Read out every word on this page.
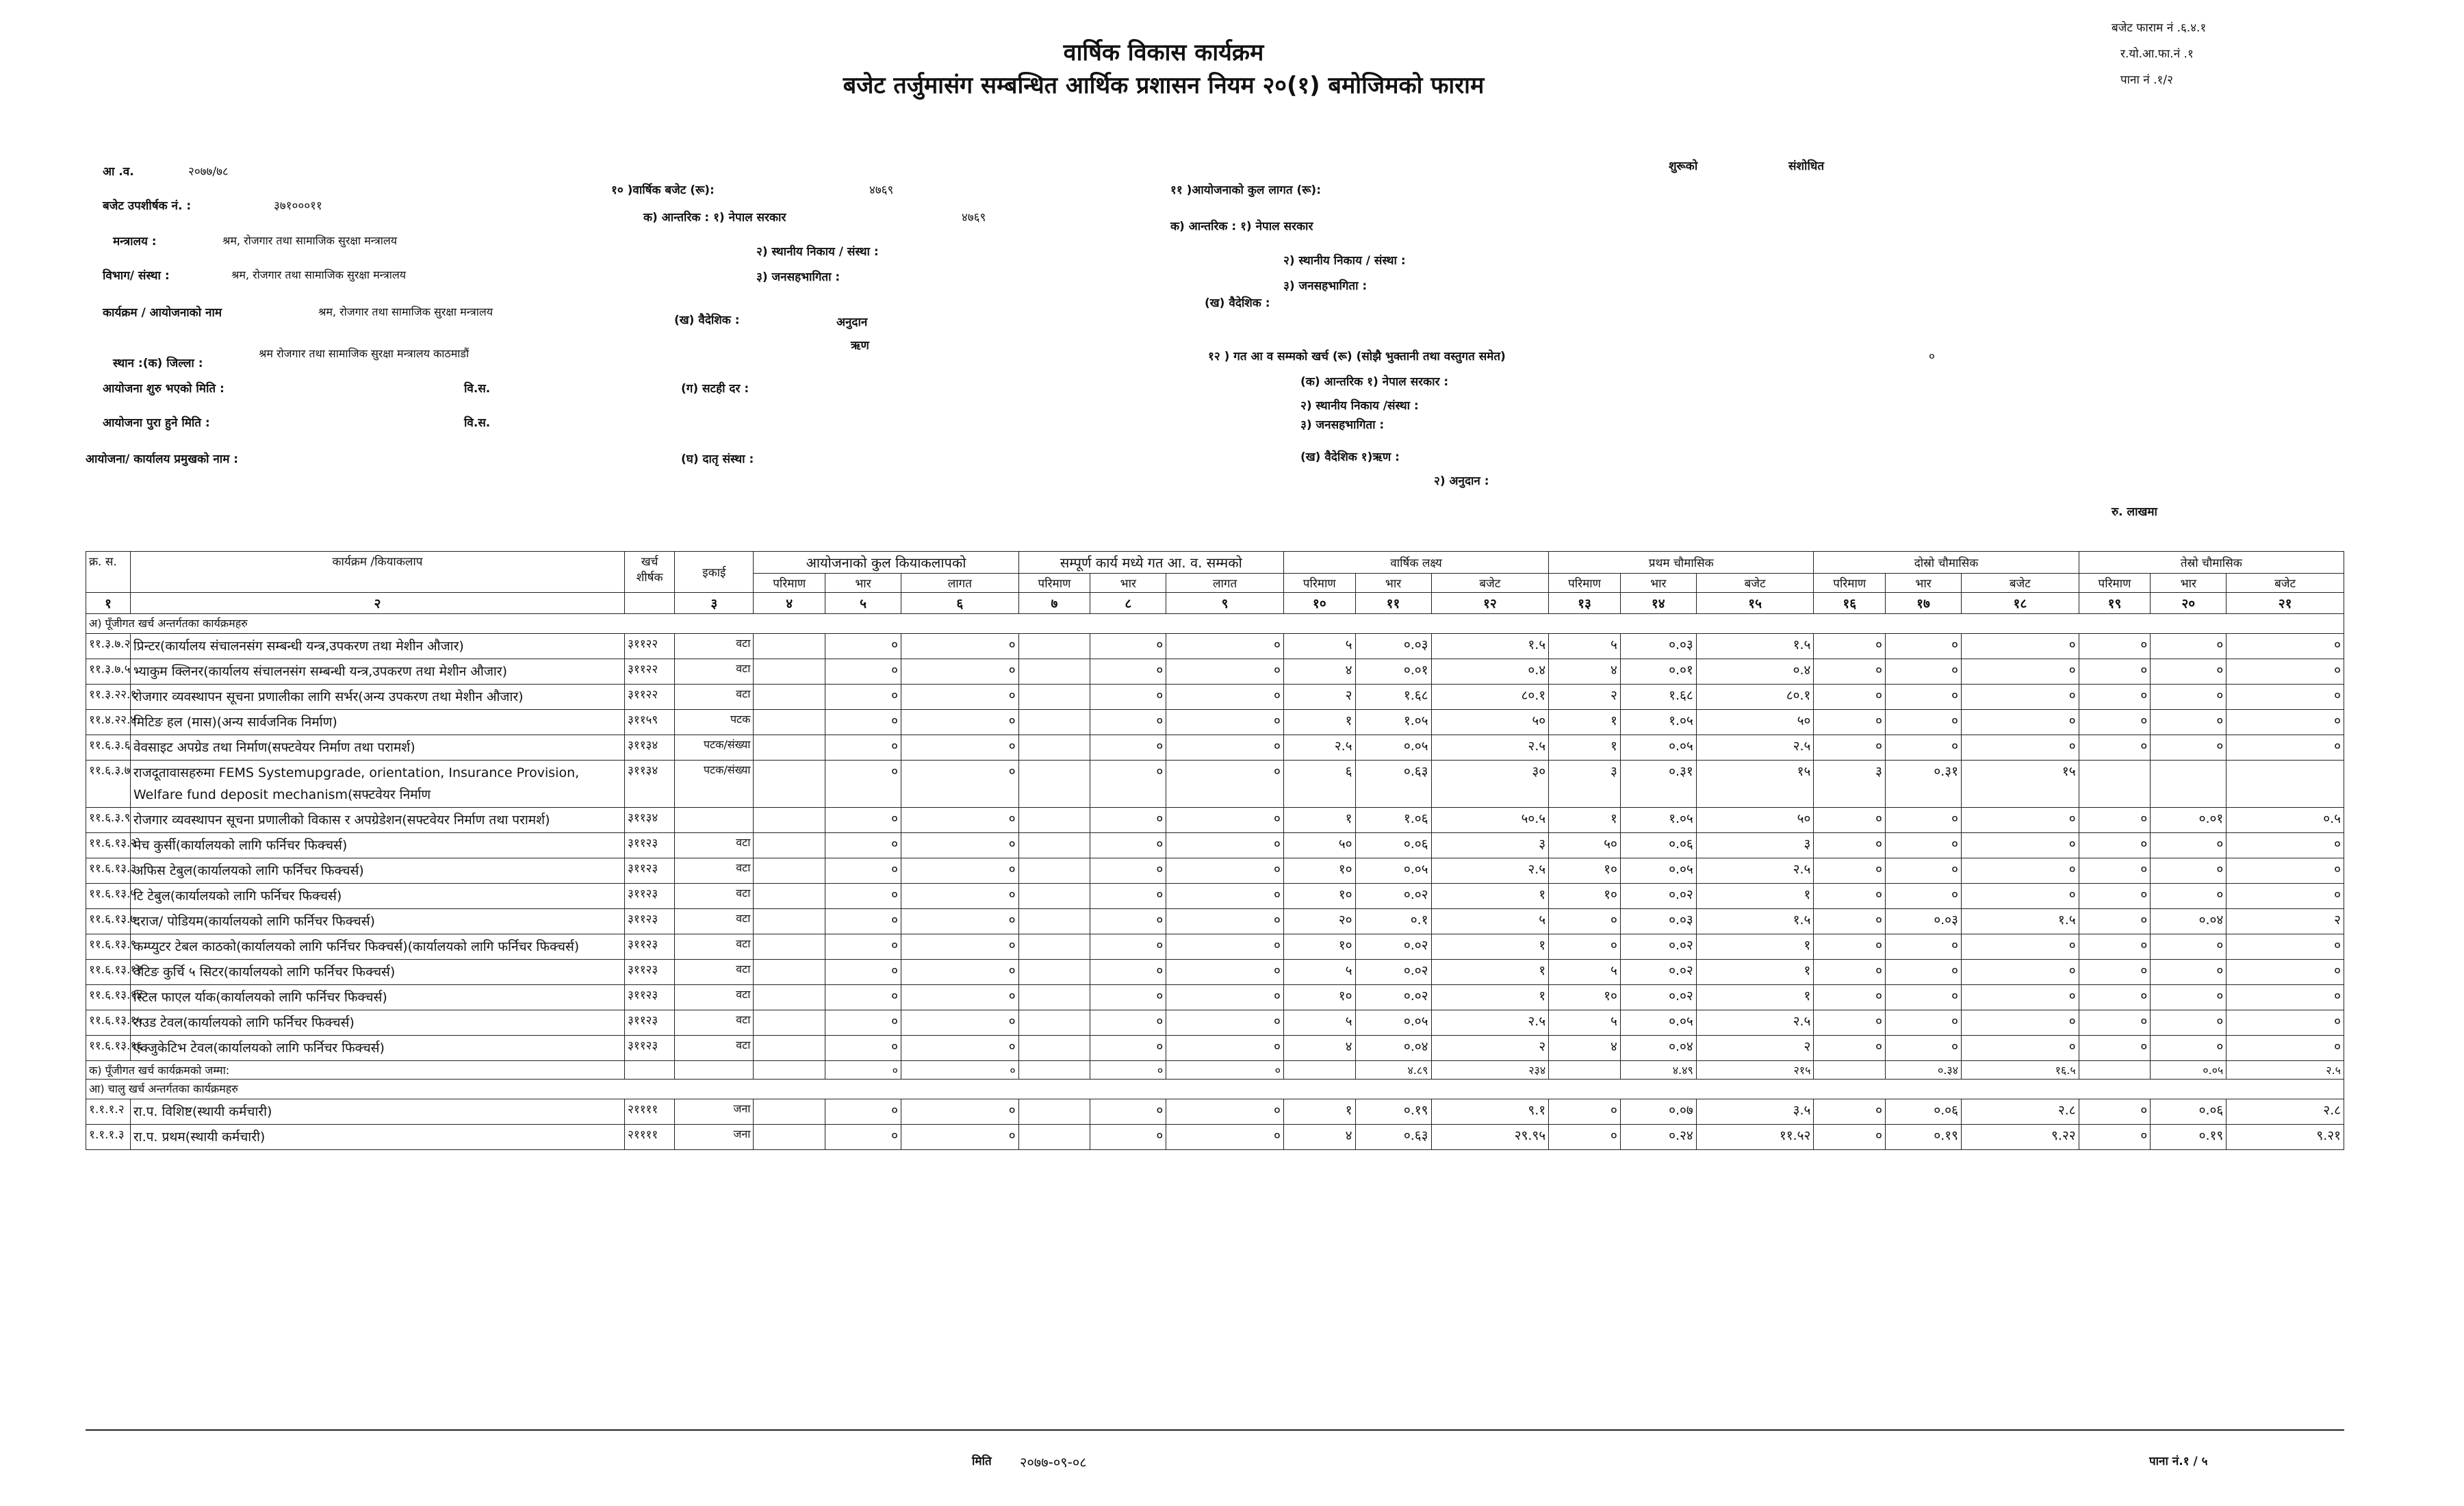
वार्षिक विकास कार्यक्रम
बजेट तर्जुमासंग सम्बन्धित आर्थिक प्रशासन नियम २०(१) बमोजिमको फाराम
बजेट फाराम नं .६.४.१
र.यो.आ.फा.नं .१
पाना नं .१/२
आ .व.	२०७७/७८
बजेट उपशीर्षक नं. :	३७१०००११
मन्त्रालय :	श्रम, रोजगार तथा सामाजिक सुरक्षा मन्त्रालय
विभाग/ संस्था :	श्रम, रोजगार तथा सामाजिक सुरक्षा मन्त्रालय
कार्यक्रम / आयोजनाको नाम	श्रम, रोजगार तथा सामाजिक सुरक्षा मन्त्रालय
स्थान :(क) जिल्ला :
श्रम रोजगार तथा सामाजिक सुरक्षा मन्त्रालय काठमाडौं
आयोजना शुरु भएको मिति :	वि.स.
आयोजना पुरा हुने मिति :	वि.स.
आयोजना/ कार्यालय प्रमुखको नाम :
१० )वार्षिक बजेट (रू):	४७६९
क) आन्तरिक : १) नेपाल सरकार	४७६९
२) स्थानीय निकाय / संस्था :
३) जनसहभागिता :
(ख) वैदेशिक :	अनुदान
ऋण
(ग) सटही दर :
(घ) दातृ संस्था :
११ )आयोजनाको कुल लागत (रू):
क) आन्तरिक : १) नेपाल सरकार
२) स्थानीय निकाय / संस्था :
३) जनसहभागिता :
(ख) वैदेशिक :
शुरूको	संशोधित
१२ ) गत आ व सम्मको खर्च (रू) (सोझै भुक्तानी तथा वस्तुगत समेत)	०
(क) आन्तरिक १) नेपाल सरकार :
२) स्थानीय निकाय /संस्था :
३) जनसहभागिता :
(ख) वैदेशिक १)ऋण :
२) अनुदान :
रु. लाखमा
क्र. स.	कार्यक्रम /कियाकलाप	खर्च शीर्षक	इकाई	आयोजनाको कुल कियाकलापको			सम्पूर्ण कार्य मध्ये गत आ. व. सम्मको			वार्षिक लक्ष्य			प्रथम चौमासिक			दोस्रो चौमासिक			तेस्रो चौमासिक	
				परिमाण	भार	लागत	परिमाण	भार	लागत	परिमाण	भार	बजेट	परिमाण	भार	बजेट	परिमाण	भार	बजेट	परिमाण	भार	बजेट	
१	२		३	४	५	६	७	८	९	१०	११	१२	१३	१४	१५	१६	१७	१८	१९	२०	२१	
अ) पूँजीगत खर्च अन्तर्गतका कार्यक्रमहरु																						
११.३.७.२	प्रिन्टर(कार्यालय संचालनसंग सम्बन्धी यन्त्र,उपकरण तथा मेशीन औजार)	३११२२	वटा		०	०		०	०	५	०.०३	१.५	५	०.०३	१.५	०	०	०	०	०	०	
११.३.७.५	भ्याकुम क्लिनर(कार्यालय संचालनसंग सम्बन्धी यन्त्र,उपकरण तथा मेशीन औजार)	३११२२	वटा		०	०		०	०	४	०.०१	०.४	४	०.०१	०.४	०	०	०	०	०	०	
११.३.२२.१	रोजगार व्यवस्थापन सूचना प्रणालीका लागि सर्भर(अन्य उपकरण तथा मेशीन औजार)	३११२२	वटा		०	०		०	०	२	१.६८	८०.१	२	१.६८	८०.१	०	०	०	०	०	०	
११.४.२२.४	मिटिङ हल (मास)(अन्य सार्वजनिक निर्माण)	३११५९	पटक		०	०		०	०	१	१.०५	५०	१	१.०५	५०	०	०	०	०	०	०	
११.६.३.६	वेवसाइट अपग्रेड तथा निर्माण(सफ्टवेयर निर्माण तथा परामर्श)	३११३४	पटक/संख्या		०	०		०	०	२.५	०.०५	२.५	१	०.०५	२.५	०	०	०	०	०	०	
११.६.३.७	राजदूतावासहरुमा FEMS Systemupgrade, orientation, Insurance Provision, Welfare fund deposit mechanism(सफ्टवेयर निर्माण	३११३४	पटक/संख्या		०	०		०	०	६	०.६३	३०	३	०.३१	१५	३	०.३१	१५				
११.६.३.९	रोजगार व्यवस्थापन सूचना प्रणालीको विकास र अपग्रेडेशन(सफ्टवेयर निर्माण तथा परामर्श)	३११३४			०	०		०	०	१	१.०६	५०.५	१	१.०५	५०	०	०	०	०	०.०१	०.५	
११.६.१३.२	मेच कुर्सी(कार्यालयको लागि फर्निचर फिक्चर्स)	३११२३	वटा		०	०		०	०	५०	०.०६	३	५०	०.०६	३	०	०	०	०	०	०	
११.६.१३.३	अफिस टेबुल(कार्यालयको लागि फर्निचर फिक्चर्स)	३११२३	वटा		०	०		०	०	१०	०.०५	२.५	१०	०.०५	२.५	०	०	०	०	०	०	
११.६.१३.५	टि टेबुल(कार्यालयको लागि फर्निचर फिक्चर्स)	३११२३	वटा		०	०		०	०	१०	०.०२	१	१०	०.०२	१	०	०	०	०	०	०	
११.६.१३.७	दराज/ पोडियम(कार्यालयको लागि फर्निचर फिक्चर्स)	३११२३	वटा		०	०		०	०	२०	०.१	५	०	०.०३	१.५	०	०.०३	१.५	०	०.०४	२	
११.६.१३.९	कम्प्युटर टेबल काठको(कार्यालयको लागि फर्निचर फिक्चर्स)(कार्यालयको लागि फर्निचर फिक्चर्स)	३११२३	वटा		०	०		०	०	१०	०.०२	१	०	०.०२	१	०	०	०	०	०	०	
११.६.१३.१२	वेटिङ कुर्चि ५ सिटर(कार्यालयको लागि फर्निचर फिक्चर्स)	३११२३	वटा		०	०		०	०	५	०.०२	१	५	०.०२	१	०	०	०	०	०	०	
११.६.१३.१४	स्टिल फाएल र्याक(कार्यालयको लागि फर्निचर फिक्चर्स)	३११२३	वटा		०	०		०	०	१०	०.०२	१	१०	०.०२	१	०	०	०	०	०	०	
११.६.१३.१५	राउड टेवल(कार्यालयको लागि फर्निचर फिक्चर्स)	३११२३	वटा		०	०		०	०	५	०.०५	२.५	५	०.०५	२.५	०	०	०	०	०	०	
११.६.१३.१६	एक्जुकेटिभ टेवल(कार्यालयको लागि फर्निचर फिक्चर्स)	३११२३	वटा		०	०		०	०	४	०.०४	२	४	०.०४	२	०	०	०	०	०	०	
क) पूँजीगत खर्च कार्यक्रमको जम्मा:					०	०		०	०		४.८९	२३४		४.४९	२१५		०.३४	१६.५		०.०५	२.५	
आ) चालु खर्च अन्तर्गतका कार्यक्रमहरु																						
१.१.१.२	रा.प. विशिष्ट(स्थायी कर्मचारी)	२११११	जना		०	०		०	०	१	०.१९	९.१	०	०.०७	३.५	०	०.०६	२.८	०	०.०६	२.८	
१.१.१.३	रा.प. प्रथम(स्थायी कर्मचारी)	२११११	जना		०	०		०	०	४	०.६३	२९.९५	०	०.२४	११.५२	०	०.१९	९.२२	०	०.१९	९.२१	
मिति २०७७-०९-०८	पाना नं.१ / ५
